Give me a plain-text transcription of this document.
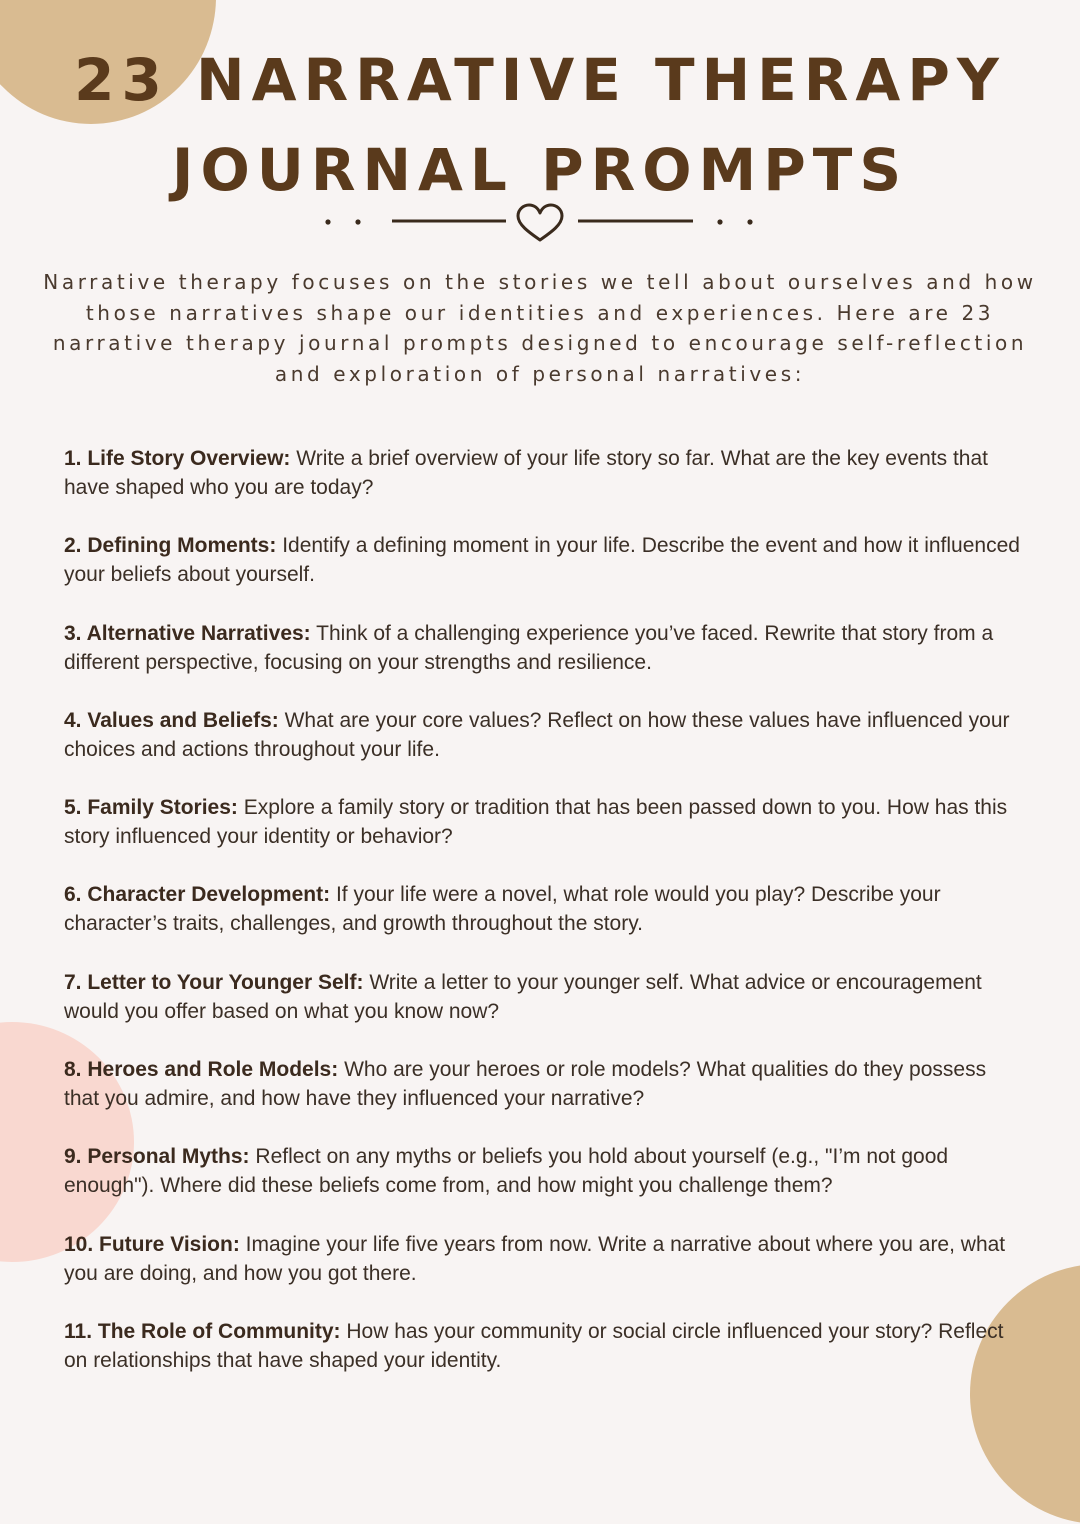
23 NARRATIVE THERAPY
JOURNAL PROMPTS

Narrative therapy focuses on the stories we tell about ourselves and how those narratives shape our identities and experiences. Here are 23 narrative therapy journal prompts designed to encourage self-reflection and exploration of personal narratives:

1. Life Story Overview: Write a brief overview of your life story so far. What are the key events that have shaped who you are today?
2. Defining Moments: Identify a defining moment in your life. Describe the event and how it influenced your beliefs about yourself.
3. Alternative Narratives: Think of a challenging experience you’ve faced. Rewrite that story from a different perspective, focusing on your strengths and resilience.
4. Values and Beliefs: What are your core values? Reflect on how these values have influenced your choices and actions throughout your life.
5. Family Stories: Explore a family story or tradition that has been passed down to you. How has this story influenced your identity or behavior?
6. Character Development: If your life were a novel, what role would you play? Describe your character’s traits, challenges, and growth throughout the story.
7. Letter to Your Younger Self: Write a letter to your younger self. What advice or encouragement would you offer based on what you know now?
8. Heroes and Role Models: Who are your heroes or role models? What qualities do they possess that you admire, and how have they influenced your narrative?
9. Personal Myths: Reflect on any myths or beliefs you hold about yourself (e.g., "I’m not good enough"). Where did these beliefs come from, and how might you challenge them?
10. Future Vision: Imagine your life five years from now. Write a narrative about where you are, what you are doing, and how you got there.
11. The Role of Community: How has your community or social circle influenced your story? Reflect on relationships that have shaped your identity.
